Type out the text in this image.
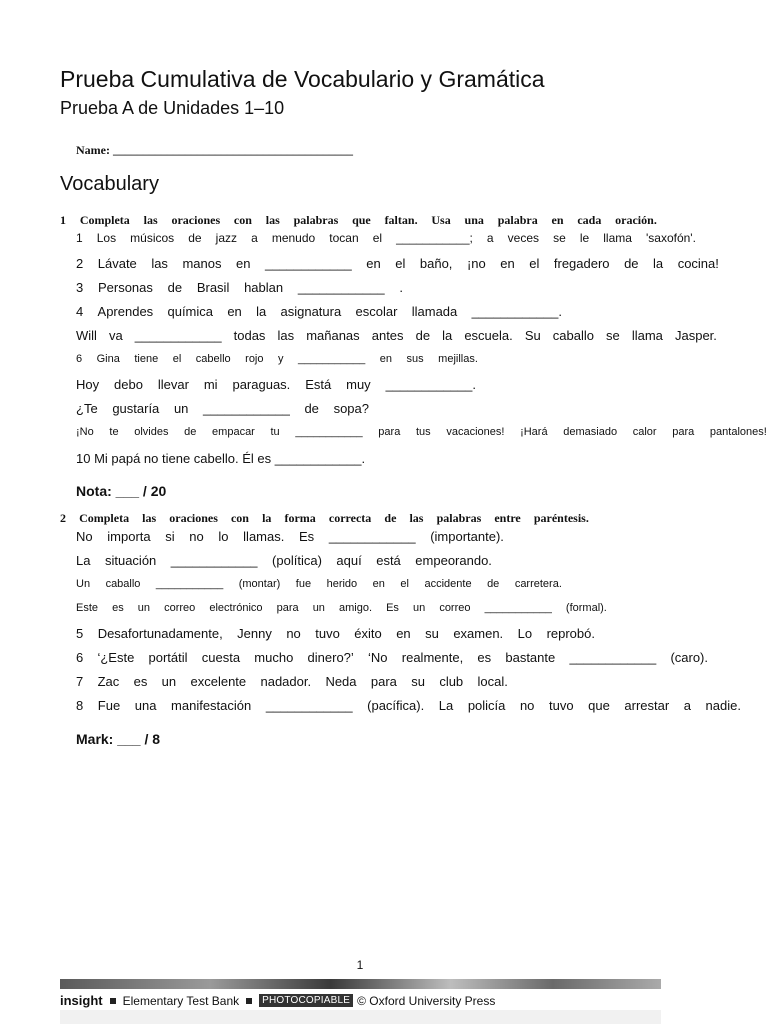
Prueba Cumulativa de Vocabulario y Gramática
Prueba A de Unidades 1–10
Name: ________________________________________
Vocabulary
1 Completa las oraciones con las palabras que faltan. Usa una palabra en cada oración.
1 Los músicos de jazz a menudo tocan el ___________; a veces se le llama 'saxofón'.
2 Lávate las manos en ____________ en el baño, ¡no en el fregadero de la cocina!
3 Personas de Brasil hablan ____________ .
4 Aprendes química en la asignatura escolar llamada ____________.
Will va ____________ todas las mañanas antes de la escuela. Su caballo se llama Jasper.
6 Gina tiene el cabello rojo y ___________ en sus mejillas.
Hoy debo llevar mi paraguas. Está muy ____________.
¿Te gustaría un ____________ de sopa?
¡No te olvides de empacar tu ___________ para tus vacaciones! ¡Hará demasiado calor para pantalones!
10 Mi papá no tiene cabello. Él es ____________.
Nota: ___ / 20
2 Completa las oraciones con la forma correcta de las palabras entre paréntesis.
No importa si no lo llamas. Es ____________ (importante).
La situación ____________ (política) aquí está empeorando.
Un caballo ___________ (montar) fue herido en el accidente de carretera.
Este es un correo electrónico para un amigo. Es un correo ___________ (formal).
5 Desafortunadamente, Jenny no tuvo éxito en su examen. Lo reprobó.
6 ‘¿Este portátil cuesta mucho dinero?’ ‘No realmente, es bastante ____________ (caro).
7 Zac es un excelente nadador. Neda para su club local.
8 Fue una manifestación ____________ (pacífica). La policía no tuvo que arrestar a nadie.
Mark: ___ / 8
1
insight Elementary Test Bank	PHOTOCOPIABLE © Oxford University Press
